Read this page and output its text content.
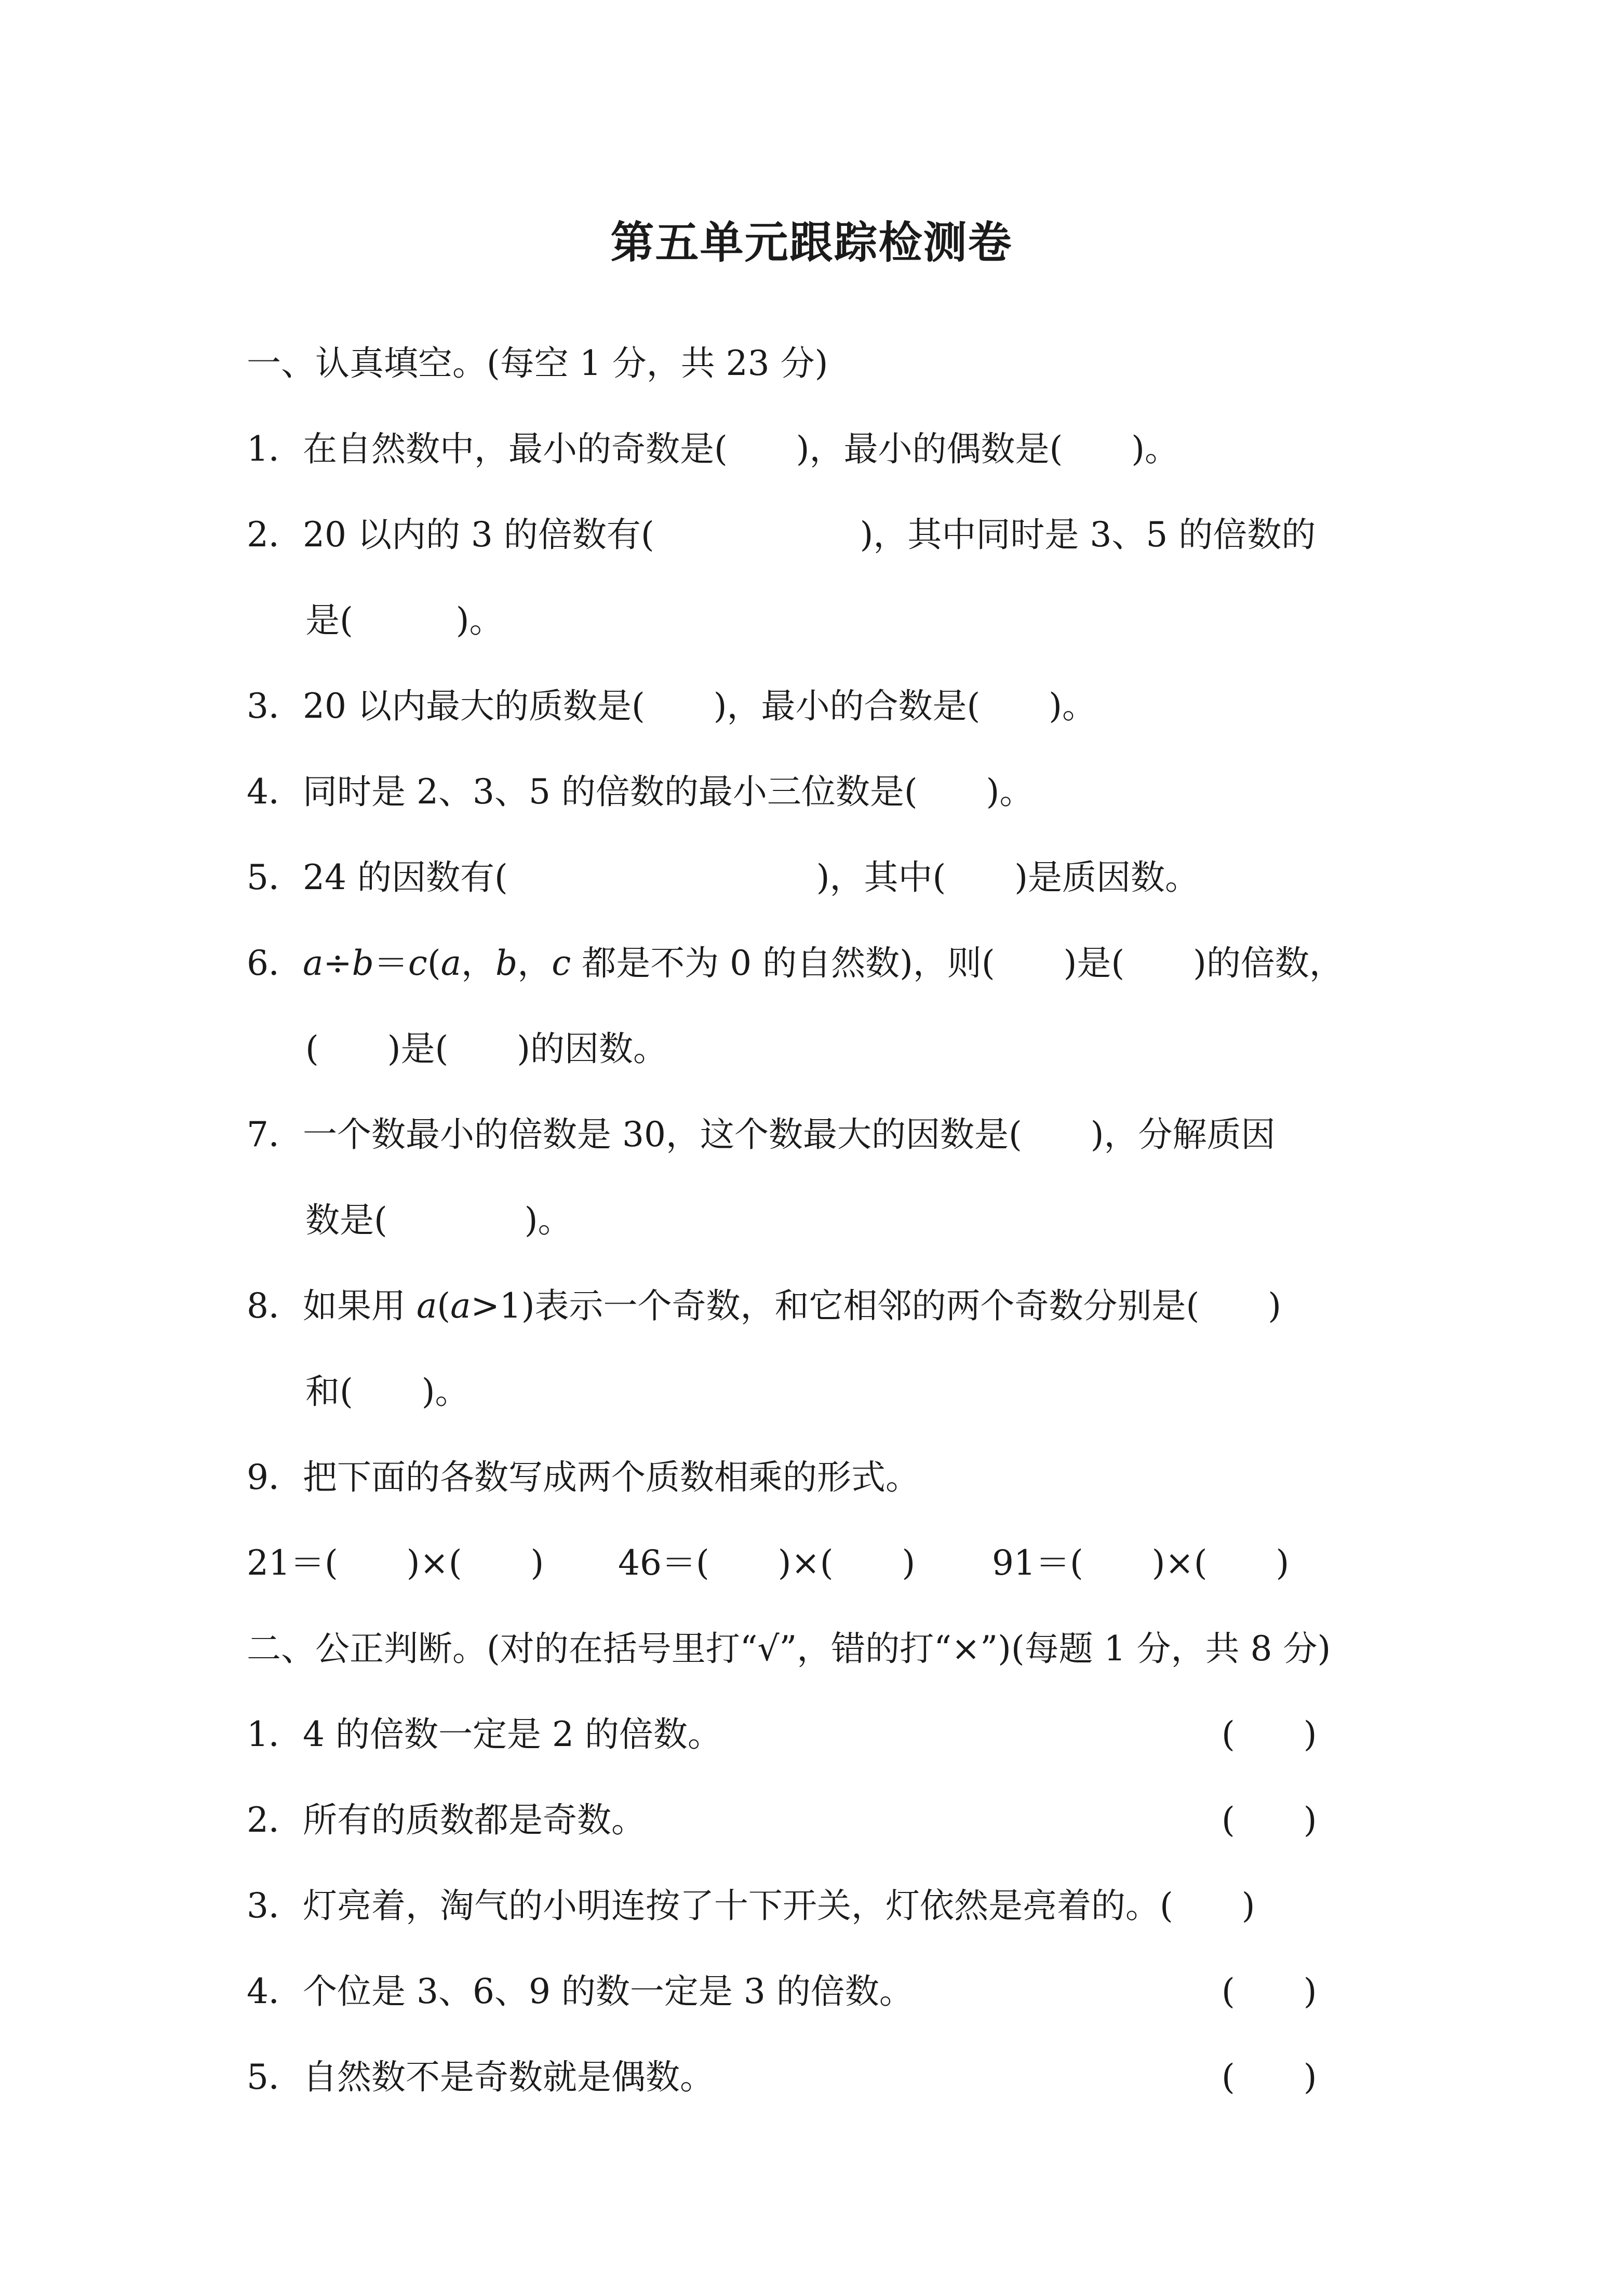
第五单元跟踪检测卷
一、认真填空。(每空 1 分，共 23 分)
1．在自然数中，最小的奇数是(　　)，最小的偶数是(　　)。
2．20 以内的 3 的倍数有(　　　　　　)，其中同时是 3、5 的倍数的
是(　　　)。
3．20 以内最大的质数是(　　)，最小的合数是(　　)。
4．同时是 2、3、5 的倍数的最小三位数是(　　)。
5．24 的因数有(　　　　　　　　　)，其中(　　)是质因数。
6．a÷b＝c(a，b，c 都是不为 0 的自然数)，则(　　)是(　　)的倍数，
(　　)是(　　)的因数。
7．一个数最小的倍数是 30，这个数最大的因数是(　　)，分解质因
数是(　　　　)。
8．如果用 a(a>1)表示一个奇数，和它相邻的两个奇数分别是(　　)
和(　　)。
9．把下面的各数写成两个质数相乘的形式。
21＝(　　)×(　　) 46＝(　　)×(　　) 91＝(　　)×(　　)
二、公正判断。(对的在括号里打“√”，错的打“×”)(每题 1 分，共 8 分)
1．4 的倍数一定是 2 的倍数。	(　　)
2．所有的质数都是奇数。	(　　)
3．灯亮着，淘气的小明连按了十下开关，灯依然是亮着的。(　　)
4．个位是 3、6、9 的数一定是 3 的倍数。	(　　)
5．自然数不是奇数就是偶数。	(　　)
